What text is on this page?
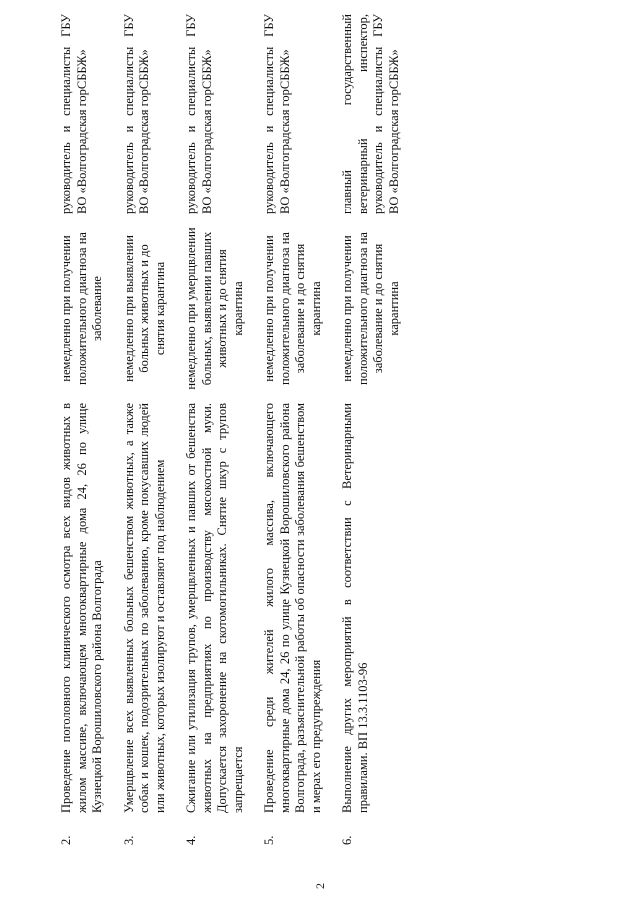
2
2.	Проведение поголовного клинического осмотра всех видов животных в жилом массиве, включающем многоквартирные дома 24, 26 по улице Кузнецкой Ворошиловского района Волгограда	немедленно при получении положительного диагноза на заболевание	руководитель и специалисты ГБУ ВО «Волгоградская горСББЖ»
3.	Умерщвление всех выявленных больных бешенством животных, а также собак и кошек, подозрительных по заболеванию, кроме покусавших людей или животных, которых изолируют и оставляют под наблюдением	немедленно при выявлении больных животных и до снятия карантина	руководитель и специалисты ГБУ ВО «Волгоградская горСББЖ»
4.	Сжигание или утилизация трупов, умерщвленных и павших от бешенства животных на предприятиях по производству мясокостной муки. Допускается захоронение на скотомогильниках. Снятие шкур с трупов запрещается	немедленно при умерщвлении больных, выявлении павших животных и до снятия карантина	руководитель и специалисты ГБУ ВО «Волгоградская горСББЖ»
5.	Проведение среди жителей жилого массива, включающего многоквартирные дома 24, 26 по улице Кузнецкой Ворошиловского района Волгограда, разъяснительной работы об опасности заболевания бешенством и мерах его предупреждения	немедленно при получении положительного диагноза на заболевание и до снятия карантина	руководитель и специалисты ГБУ ВО «Волгоградская горСББЖ»
6.	Выполнение других мероприятий в соответствии с Ветеринарными правилами. ВП 13.3.1103-96	немедленно при получении положительного диагноза на заболевание и до снятия карантина	главный государственный ветеринарный инспектор, руководитель и специалисты ГБУ ВО «Волгоградская горСББЖ»
